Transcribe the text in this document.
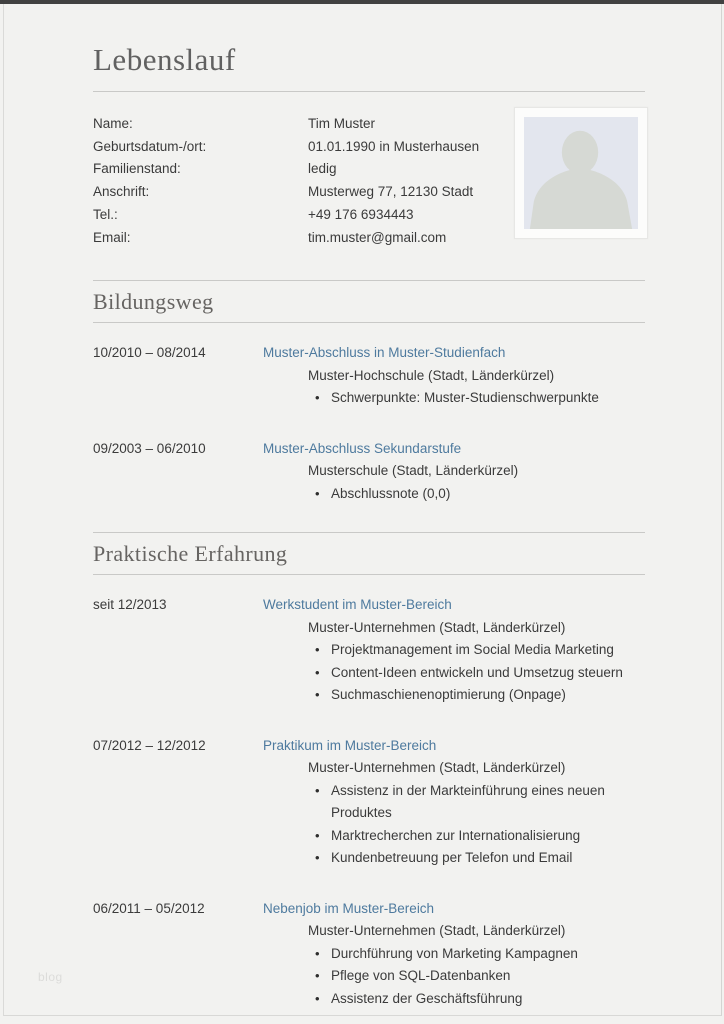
Lebenslauf
Name:	Tim Muster
Geburtsdatum-/ort:	01.01.1990 in Musterhausen
Familienstand:	ledig
Anschrift:	Musterweg 77, 12130 Stadt
Tel.:	+49 176 6934443
Email:	tim.muster@gmail.com
Bildungsweg
10/2010 – 08/2014	Muster-Abschluss in Muster-Studienfach
Muster-Hochschule (Stadt, Länderkürzel)
• Schwerpunkte: Muster-Studienschwerpunkte
09/2003 – 06/2010	Muster-Abschluss Sekundarstufe
Musterschule (Stadt, Länderkürzel)
• Abschlussnote (0,0)
Praktische Erfahrung
seit 12/2013	Werkstudent im Muster-Bereich
Muster-Unternehmen (Stadt, Länderkürzel)
• Projektmanagement im Social Media Marketing
• Content-Ideen entwickeln und Umsetzug steuern
• Suchmaschienenoptimierung (Onpage)
07/2012 – 12/2012	Praktikum im Muster-Bereich
Muster-Unternehmen (Stadt, Länderkürzel)
• Assistenz in der Markteinführung eines neuen Produktes
• Marktrecherchen zur Internationalisierung
• Kundenbetreuung per Telefon und Email
06/2011 – 05/2012	Nebenjob im Muster-Bereich
Muster-Unternehmen (Stadt, Länderkürzel)
• Durchführung von Marketing Kampagnen
• Pflege von SQL-Datenbanken
• Assistenz der Geschäftsführung
blog
